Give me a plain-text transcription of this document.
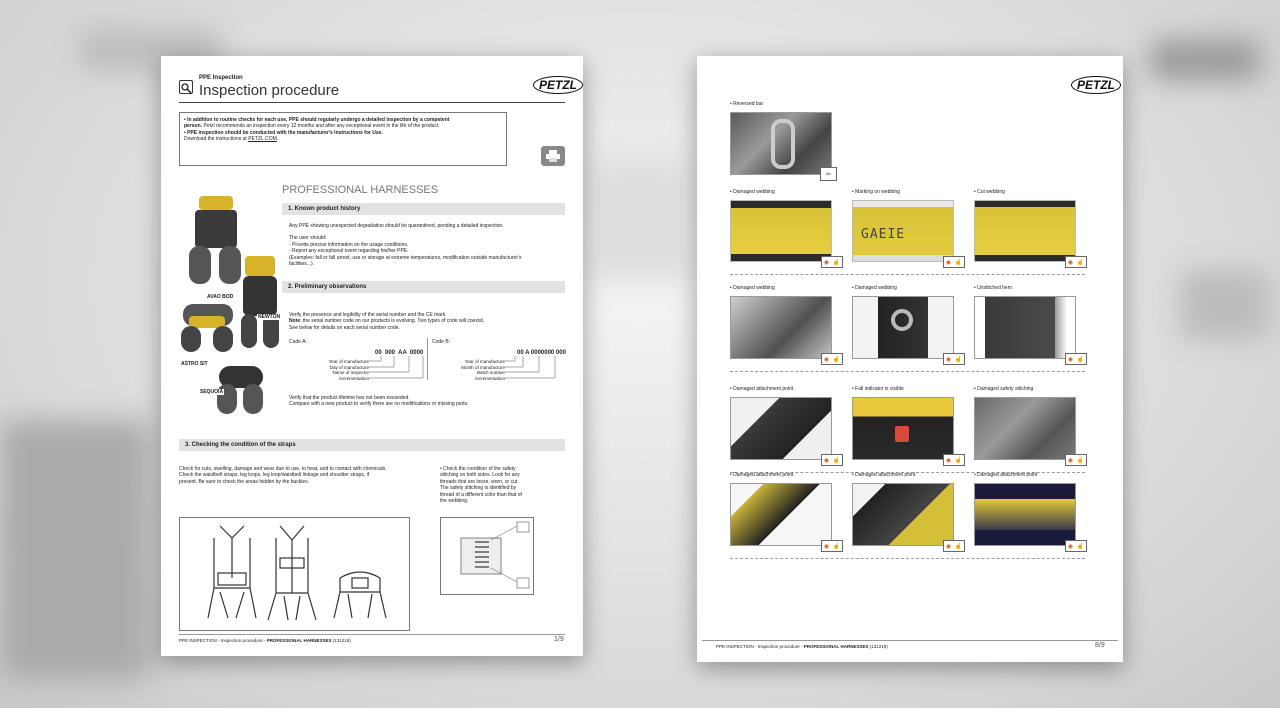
PPE Inspection
Inspection procedure	PETZL
• In addition to routine checks for each use, PPE should regularly undergo a detailed inspection by a competent
person. Petzl recommends an inspection every 12 months and after any exceptional event in the life of the product.
• PPE inspection should be conducted with the manufacturer's Instructions for Use.
Download the instructions at PETZL.COM.
PROFESSIONAL HARNESSES
AVAO BOD
NEWTON
ASTRO SIT
SEQUOIA
1. Known product history
Any PPE showing unexpected degradation should be quarantined, pending a detailed inspection.
The user should:
- Provide precise information on the usage conditions.
- Report any exceptional event regarding his/her PPE.
(Examples: fall or fall arrest, use or storage at extreme temperatures, modification outside manufacturer's
facilities...).
2. Preliminary observations
Verify the presence and legibility of the serial number and the CE mark.
Note: the serial number code on our products is evolving. Two types of code will coexist.
See below for details on each serial number code.
Code A:
00  000  AA  0000
Year of manufacture
Day of manufacture
Name of inspector
Incrementation
Code B:
00 A 0000000 000
Year of manufacture
Month of manufacture
Batch number
Incrementation
Verify that the product lifetime has not been exceeded.
Compare with a new product to verify there are no modifications or missing parts.
3. Checking the condition of the straps
Check for cuts, swelling, damage and wear due to use, to heat, and to contact with chemicals.
Check the waistbelt straps, leg loops, leg loop/waistbelt linkage and shoulder straps, if
present. Be sure to check the areas hidden by the buckles.
• Check the condition of the safety
stitching on both sides. Look for any
threads that are loose, worn, or cut.
The safety stitching is identified by
thread of a different color than that of
the webbing.
PPE INSPECTION - Inspection procedure - PROFESSIONAL HARNESSES (131219)	1/9
PETZL
• Reversed bar
✂
• Damaged webbing
◉ ☝
• Marking on webbing
GAEIE
◉ ☝
• Cut webbing
◉ ☝
• Damaged webbing
◉ ☝
• Damaged webbing
◉ ☝
• Unstitched hem
◉ ☝
• Damaged attachment point
◉ ☝
• Fall indicator is visible
◉ ☝
• Damaged safety stitching
◉ ☝
• Damaged attachment point
◉ ☝
• Damaged attachment point
◉ ☝
• Damaged attachment point
◉ ☝
PPE INSPECTION - Inspection procedure - PROFESSIONAL HARNESSES (131219)	8/9
